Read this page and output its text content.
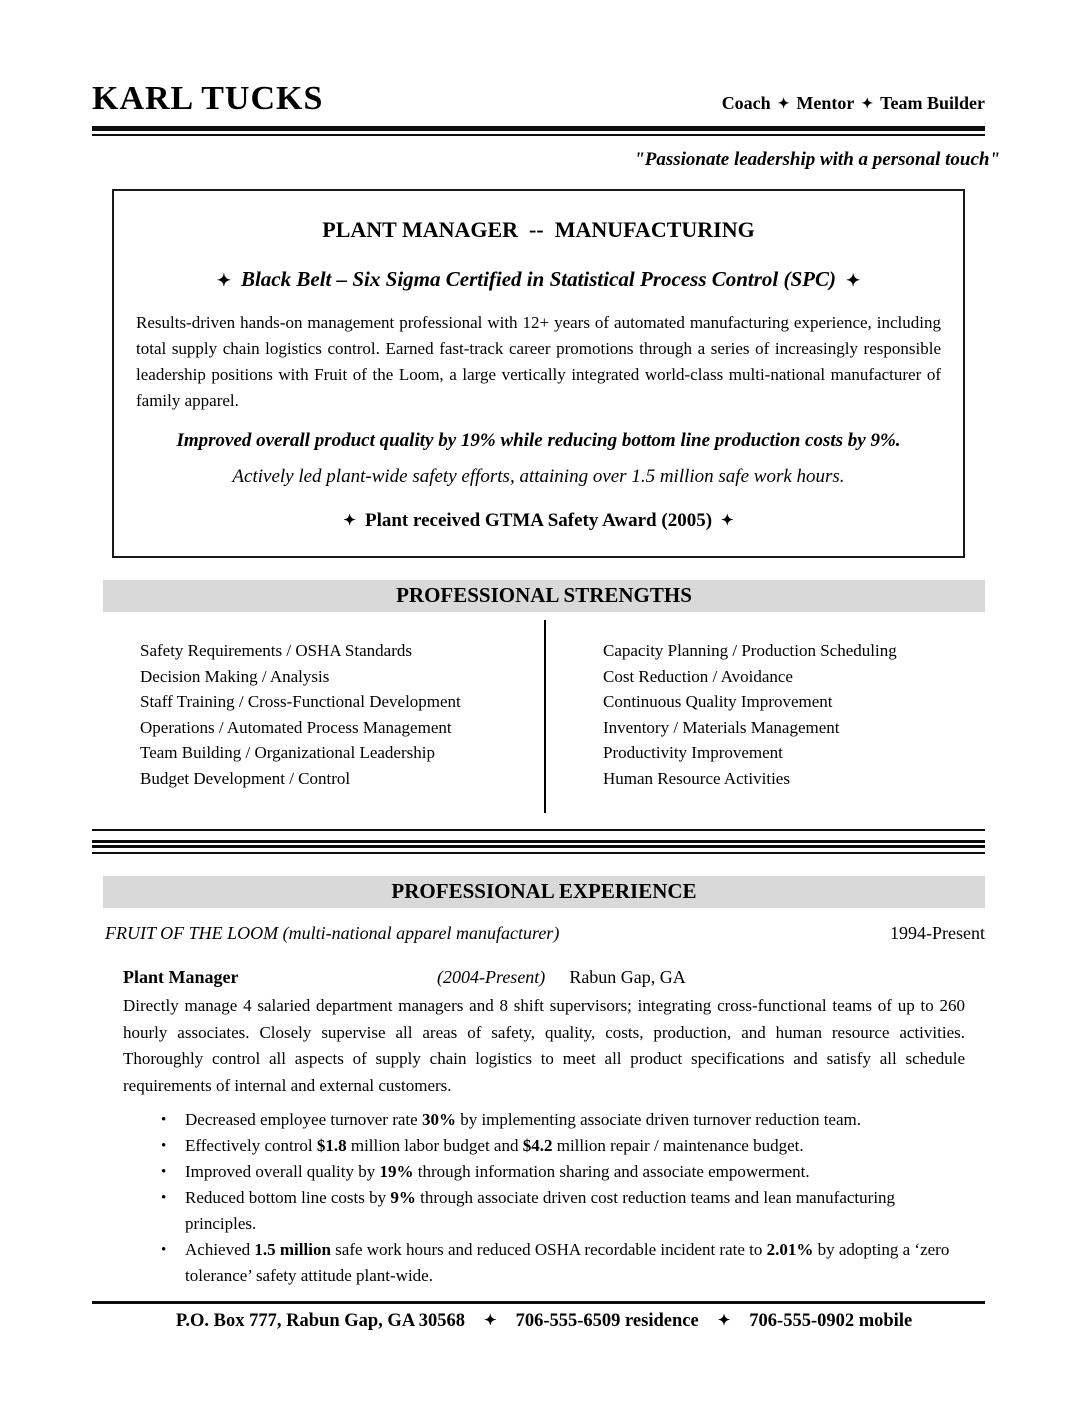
KARL TUCKS	Coach ✦ Mentor ✦ Team Builder
"Passionate leadership with a personal touch"
PLANT MANAGER  --  MANUFACTURING
✦ Black Belt – Six Sigma Certified in Statistical Process Control (SPC) ✦
Results-driven hands-on management professional with 12+ years of automated manufacturing experience, including total supply chain logistics control. Earned fast-track career promotions through a series of increasingly responsible leadership positions with Fruit of the Loom, a large vertically integrated world-class multi-national manufacturer of family apparel.
Improved overall product quality by 19% while reducing bottom line production costs by 9%.
Actively led plant-wide safety efforts, attaining over 1.5 million safe work hours.
✦ Plant received GTMA Safety Award (2005) ✦
PROFESSIONAL STRENGTHS
Safety Requirements / OSHA Standards
Decision Making / Analysis
Staff Training / Cross-Functional Development
Operations / Automated Process Management
Team Building / Organizational Leadership
Budget Development / Control
Capacity Planning / Production Scheduling
Cost Reduction / Avoidance
Continuous Quality Improvement
Inventory / Materials Management
Productivity Improvement
Human Resource Activities
PROFESSIONAL EXPERIENCE
FRUIT OF THE LOOM (multi-national apparel manufacturer)	1994-Present
Plant Manager	(2004-Present) Rabun Gap, GA
Directly manage 4 salaried department managers and 8 shift supervisors; integrating cross-functional teams of up to 260 hourly associates. Closely supervise all areas of safety, quality, costs, production, and human resource activities. Thoroughly control all aspects of supply chain logistics to meet all product specifications and satisfy all schedule requirements of internal and external customers.
• Decreased employee turnover rate 30% by implementing associate driven turnover reduction team.
• Effectively control $1.8 million labor budget and $4.2 million repair / maintenance budget.
• Improved overall quality by 19% through information sharing and associate empowerment.
• Reduced bottom line costs by 9% through associate driven cost reduction teams and lean manufacturing principles.
• Achieved 1.5 million safe work hours and reduced OSHA recordable incident rate to 2.01% by adopting a ‘zero tolerance’ safety attitude plant-wide.
P.O. Box 777, Rabun Gap, GA 30568 ✦ 706-555-6509 residence ✦ 706-555-0902 mobile
